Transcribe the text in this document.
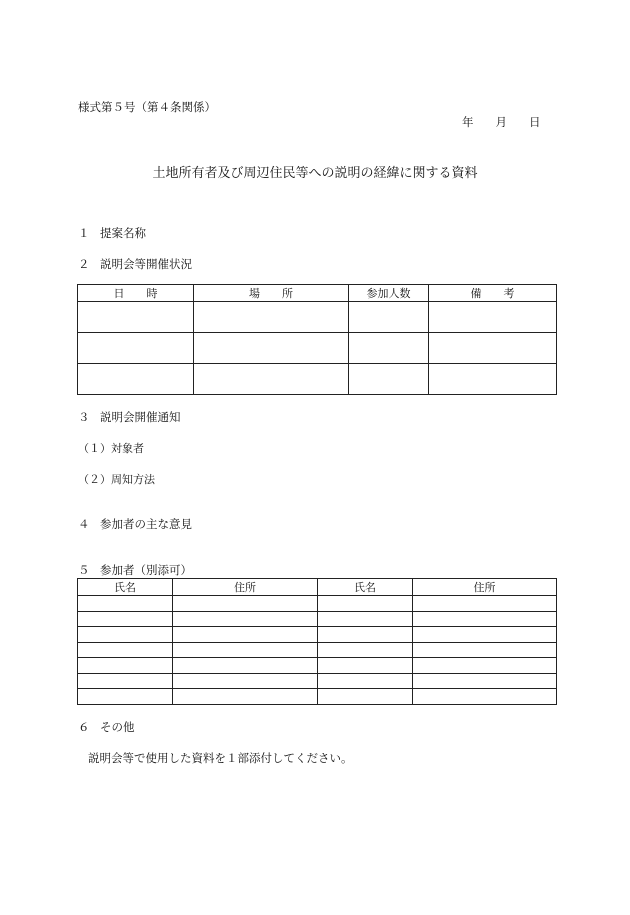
様式第５号（第４条関係）
年 月 日
土地所有者及び周辺住民等への説明の経緯に関する資料
１ 提案名称
２ 説明会等開催状況
日　　時	場　　所	参加人数	備　　考

３ 説明会開催通知
（１）対象者
（２）周知方法
４ 参加者の主な意見
５ 参加者（別添可）
氏名	住所	氏名	住所

６ その他
説明会等で使用した資料を１部添付してください。
